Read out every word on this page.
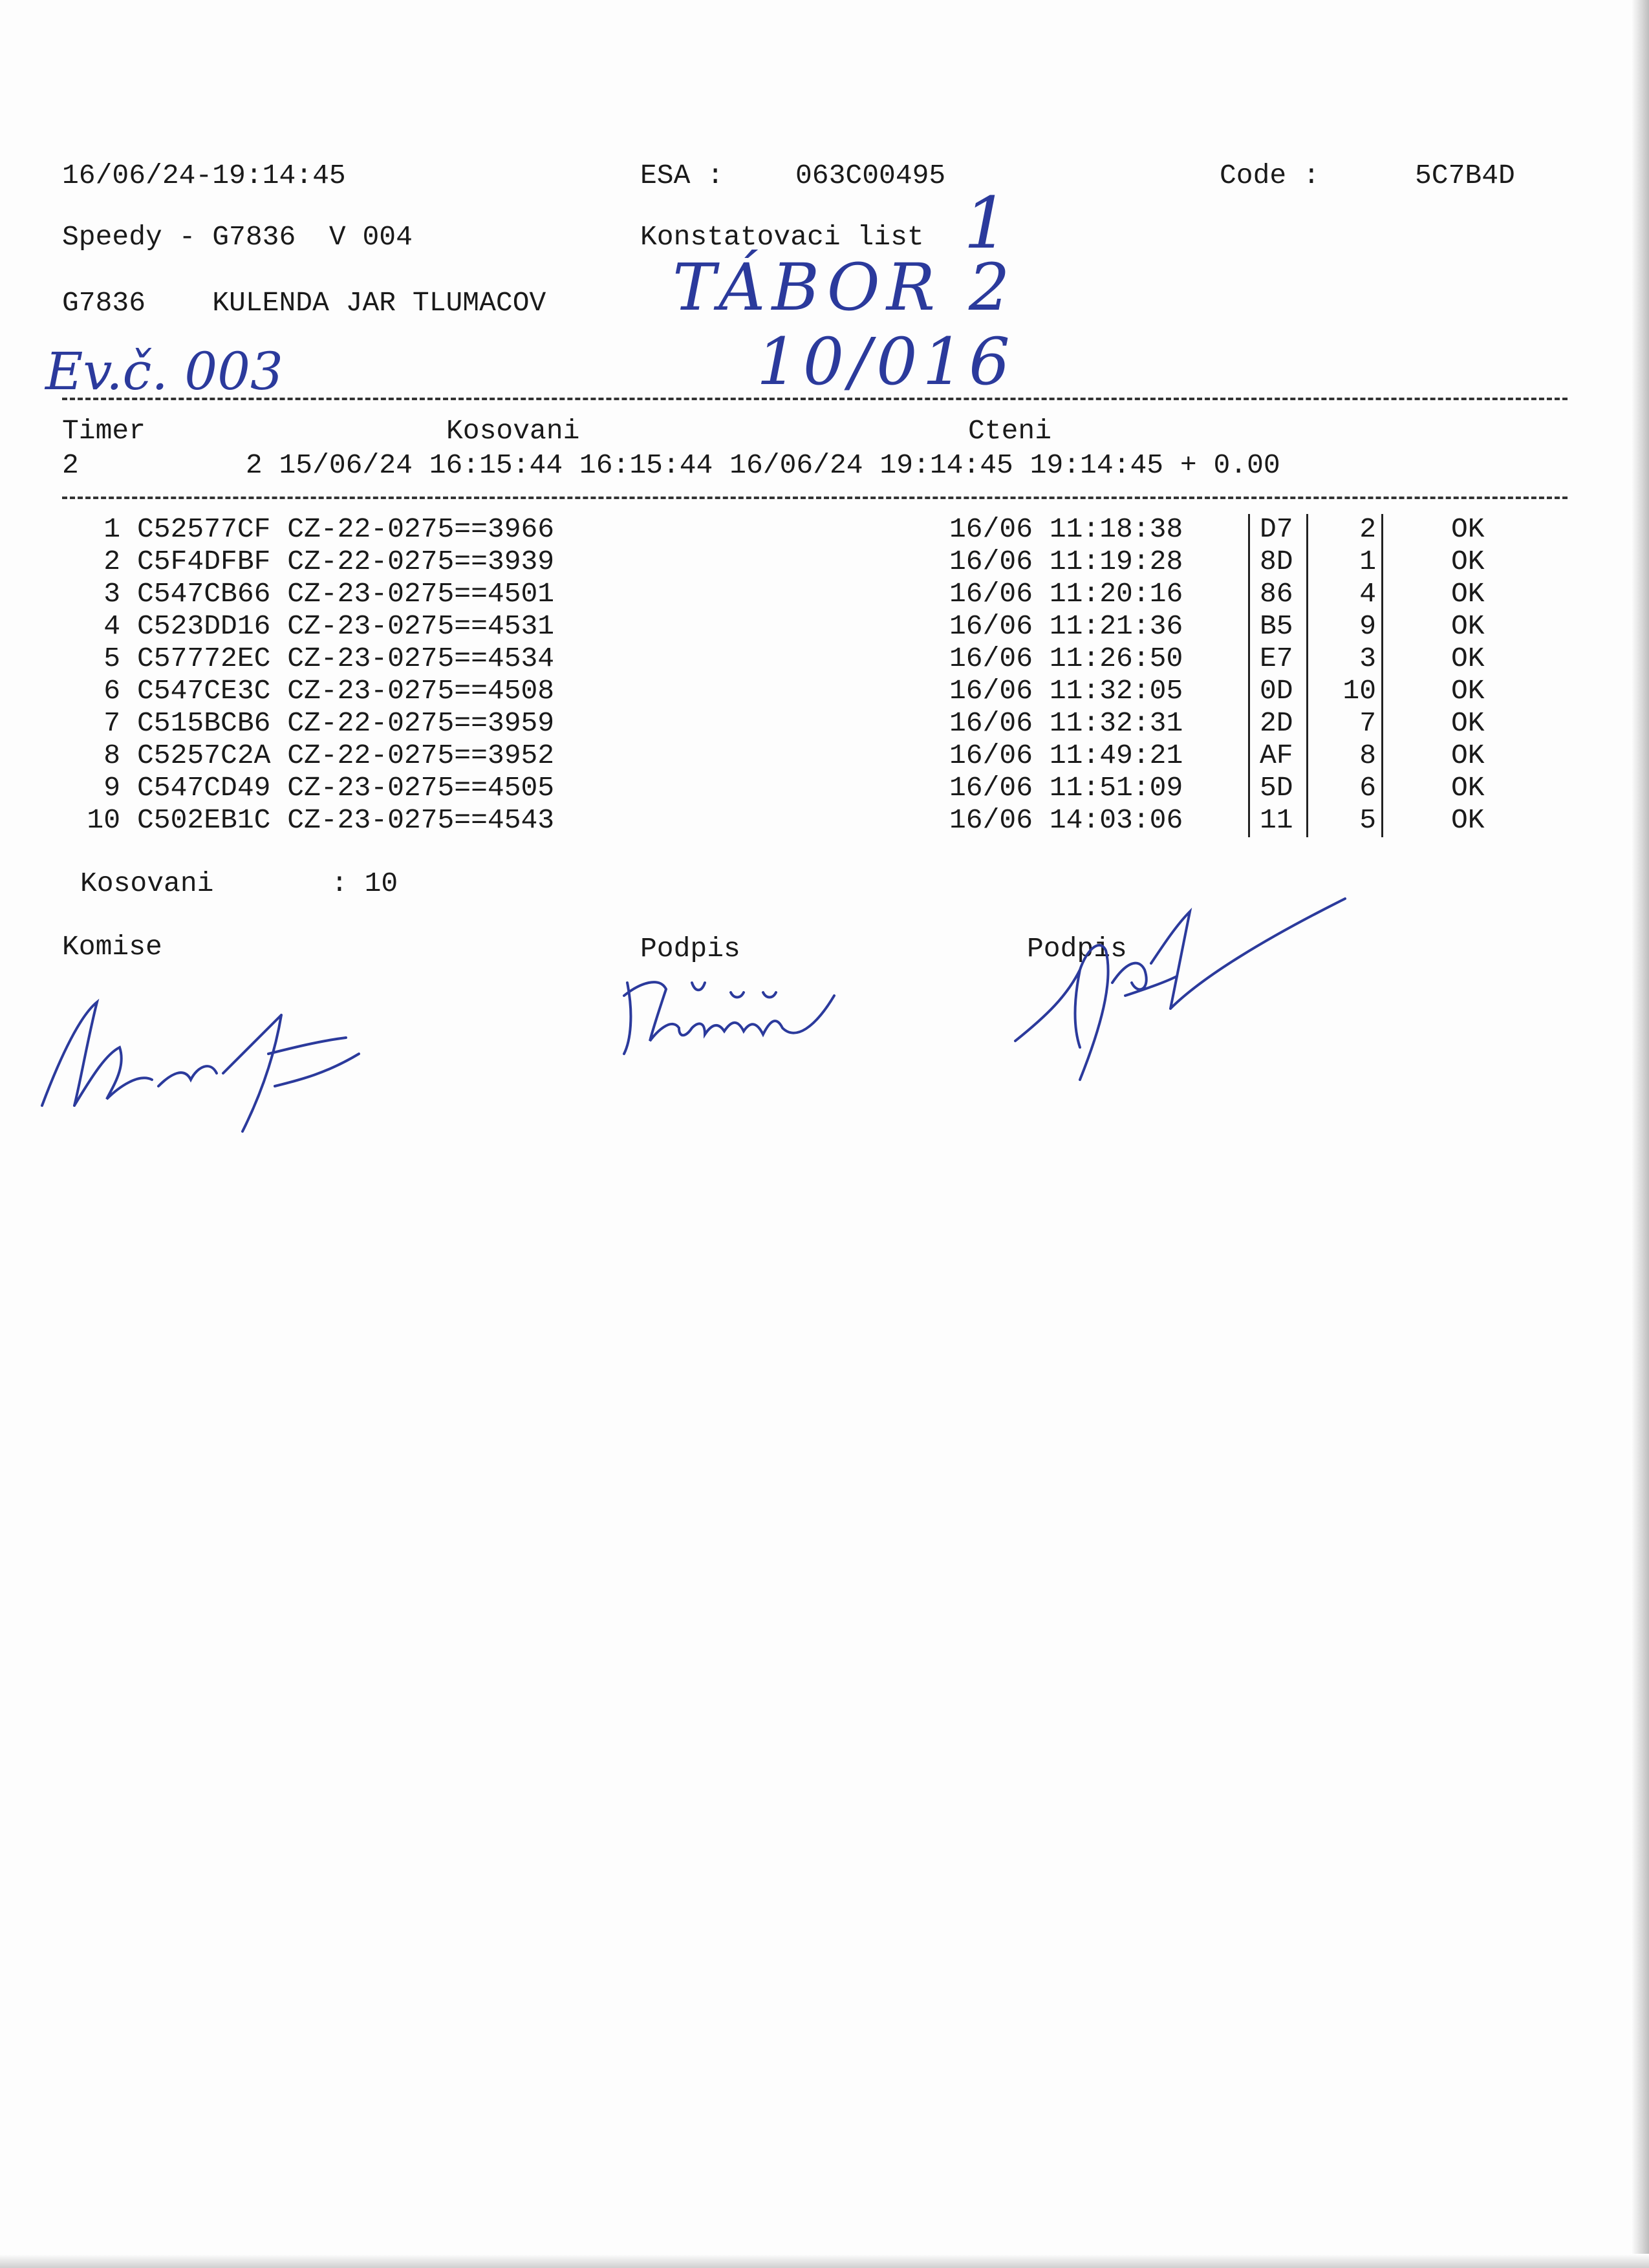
16/06/24-19:14:45	ESA :	063C00495	Code :	5C7B4D
Speedy - G7836  V 004	Konstatovaci list 1
G7836    KULENDA JAR TLUMACOV TÁBOR 2
Ev.č. 003	10/016
Timer	Kosovani	Cteni
2          2 15/06/24 16:15:44 16:15:44 16/06/24 19:14:45 19:14:45 + 0.00
1 C52577CF CZ-22-0275==3966	16/06 11:18:38	D7	2	OK
2 C5F4DFBF CZ-22-0275==3939	16/06 11:19:28	8D	1	OK
3 C547CB66 CZ-23-0275==4501	16/06 11:20:16	86	4	OK
4 C523DD16 CZ-23-0275==4531	16/06 11:21:36	B5	9	OK
5 C57772EC CZ-23-0275==4534	16/06 11:26:50	E7	3	OK
6 C547CE3C CZ-23-0275==4508	16/06 11:32:05	0D	10	OK
7 C515BCB6 CZ-22-0275==3959	16/06 11:32:31	2D	7	OK
8 C5257C2A CZ-22-0275==3952	16/06 11:49:21	AF	8	OK
9 C547CD49 CZ-23-0275==4505	16/06 11:51:09	5D	6	OK
10 C502EB1C CZ-23-0275==4543	16/06 14:03:06	11	5	OK
Kosovani	: 10
Komise	Podpis	Podpis
